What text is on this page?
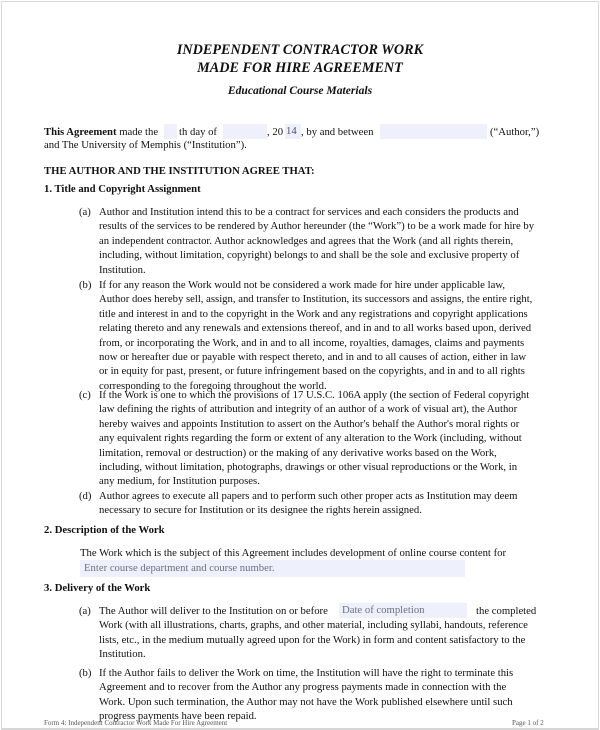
INDEPENDENT CONTRACTOR WORK
MADE FOR HIRE AGREEMENT
Educational Course Materials
This Agreement made the th day of	, 20 14 , by and between	(“Author,”)
and The University of Memphis (“Institution”).
THE AUTHOR AND THE INSTITUTION AGREE THAT:
1. Title and Copyright Assignment
(a) Author and Institution intend this to be a contract for services and each considers the products and
results of the services to be rendered by Author hereunder (the “Work”) to be a work made for hire by
an independent contractor. Author acknowledges and agrees that the Work (and all rights therein,
including, without limitation, copyright) belongs to and shall be the sole and exclusive property of
Institution.
(b) If for any reason the Work would not be considered a work made for hire under applicable law,
Author does hereby sell, assign, and transfer to Institution, its successors and assigns, the entire right,
title and interest in and to the copyright in the Work and any registrations and copyright applications
relating thereto and any renewals and extensions thereof, and in and to all works based upon, derived
from, or incorporating the Work, and in and to all income, royalties, damages, claims and payments
now or hereafter due or payable with respect thereto, and in and to all causes of action, either in law
or in equity for past, present, or future infringement based on the copyrights, and in and to all rights
corresponding to the foregoing throughout the world.
(c) If the Work is one to which the provisions of 17 U.S.C. 106A apply (the section of Federal copyright
law defining the rights of attribution and integrity of an author of a work of visual art), the Author
hereby waives and appoints Institution to assert on the Author's behalf the Author's moral rights or
any equivalent rights regarding the form or extent of any alteration to the Work (including, without
limitation, removal or destruction) or the making of any derivative works based on the Work,
including, without limitation, photographs, drawings or other visual reproductions or the Work, in
any medium, for Institution purposes.
(d) Author agrees to execute all papers and to perform such other proper acts as Institution may deem
necessary to secure for Institution or its designee the rights herein assigned.
2. Description of the Work
The Work which is the subject of this Agreement includes development of online course content for
Enter course department and course number.
3. Delivery of the Work
(a) The Author will deliver to the Institution on or before
Work (with all illustrations, charts, graphs, and other material, including syllabi, handouts, reference
lists, etc., in the medium mutually agreed upon for the Work) in form and content satisfactory to the
Institution.
Date of completion	the completed
(b) If the Author fails to deliver the Work on time, the Institution will have the right to terminate this
Agreement and to recover from the Author any progress payments made in connection with the
Work. Upon such termination, the Author may not have the Work published elsewhere until such
progress payments have been repaid.
Form 4: Independent Contractor Work Made For Hire Agreement	Page 1 of 2
